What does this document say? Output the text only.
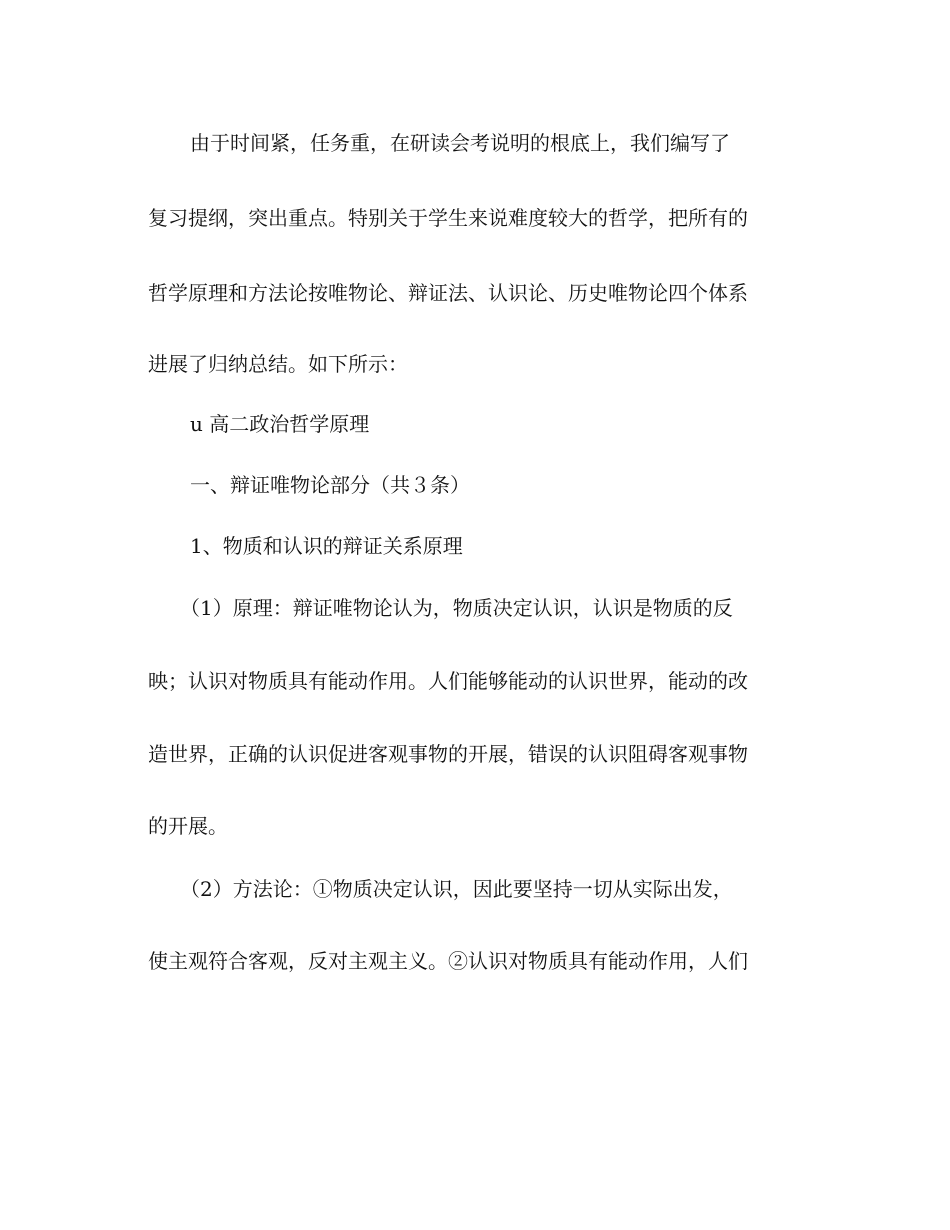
由于时间紧，任务重，在研读会考说明的根底上，我们编写了
复习提纲，突出重点。特别关于学生来说难度较大的哲学，把所有的
哲学原理和方法论按唯物论、辩证法、认识论、历史唯物论四个体系
进展了归纳总结。如下所示：
u 高二政治哲学原理
一、辩证唯物论部分（共３条）
1、物质和认识的辩证关系原理
（1）原理：辩证唯物论认为，物质决定认识，认识是物质的反
映；认识对物质具有能动作用。人们能够能动的认识世界，能动的改
造世界，正确的认识促进客观事物的开展，错误的认识阻碍客观事物
的开展。
（2）方法论：①物质决定认识，因此要坚持一切从实际出发，
使主观符合客观，反对主观主义。②认识对物质具有能动作用，人们
